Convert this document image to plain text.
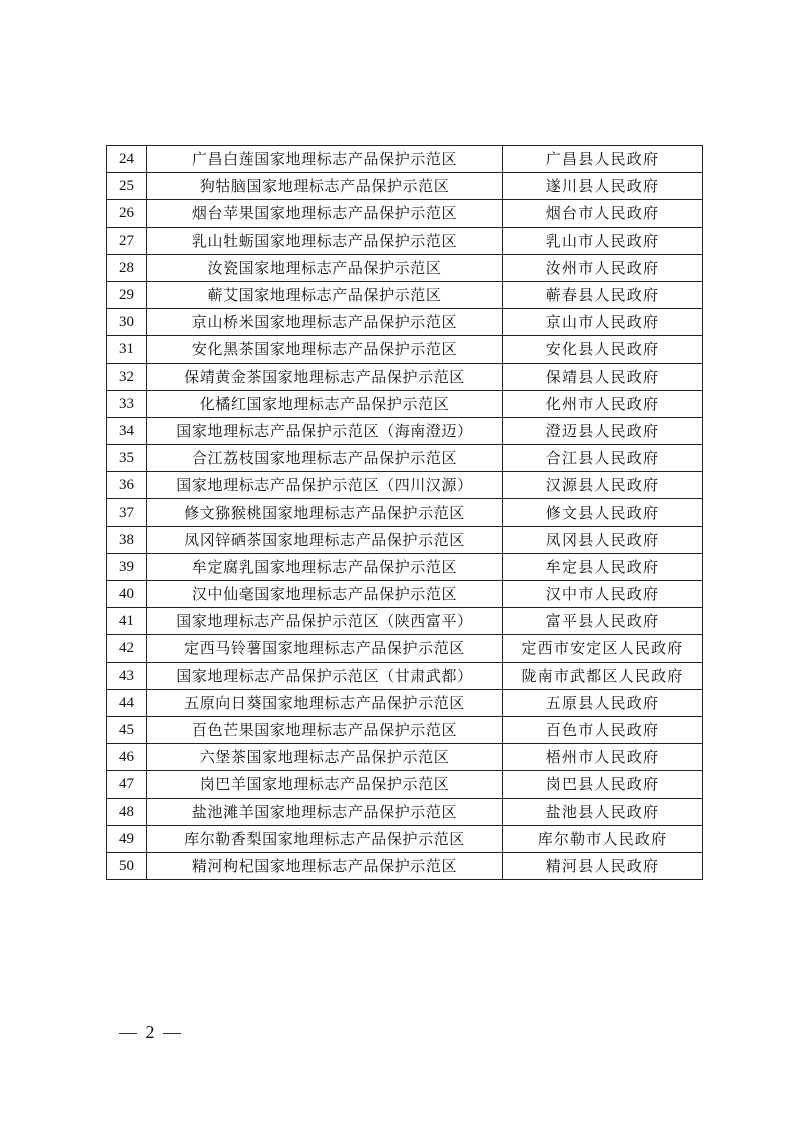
24	广昌白莲国家地理标志产品保护示范区	广昌县人民政府
25	狗牯脑国家地理标志产品保护示范区	遂川县人民政府
26	烟台苹果国家地理标志产品保护示范区	烟台市人民政府
27	乳山牡蛎国家地理标志产品保护示范区	乳山市人民政府
28	汝瓷国家地理标志产品保护示范区	汝州市人民政府
29	蕲艾国家地理标志产品保护示范区	蕲春县人民政府
30	京山桥米国家地理标志产品保护示范区	京山市人民政府
31	安化黑茶国家地理标志产品保护示范区	安化县人民政府
32	保靖黄金茶国家地理标志产品保护示范区	保靖县人民政府
33	化橘红国家地理标志产品保护示范区	化州市人民政府
34	国家地理标志产品保护示范区（海南澄迈）	澄迈县人民政府
35	合江荔枝国家地理标志产品保护示范区	合江县人民政府
36	国家地理标志产品保护示范区（四川汉源）	汉源县人民政府
37	修文猕猴桃国家地理标志产品保护示范区	修文县人民政府
38	凤冈锌硒茶国家地理标志产品保护示范区	凤冈县人民政府
39	牟定腐乳国家地理标志产品保护示范区	牟定县人民政府
40	汉中仙毫国家地理标志产品保护示范区	汉中市人民政府
41	国家地理标志产品保护示范区（陕西富平）	富平县人民政府
42	定西马铃薯国家地理标志产品保护示范区	定西市安定区人民政府
43	国家地理标志产品保护示范区（甘肃武都）	陇南市武都区人民政府
44	五原向日葵国家地理标志产品保护示范区	五原县人民政府
45	百色芒果国家地理标志产品保护示范区	百色市人民政府
46	六堡茶国家地理标志产品保护示范区	梧州市人民政府
47	岗巴羊国家地理标志产品保护示范区	岗巴县人民政府
48	盐池滩羊国家地理标志产品保护示范区	盐池县人民政府
49	库尔勒香梨国家地理标志产品保护示范区	库尔勒市人民政府
50	精河枸杞国家地理标志产品保护示范区	精河县人民政府
— 2 —
